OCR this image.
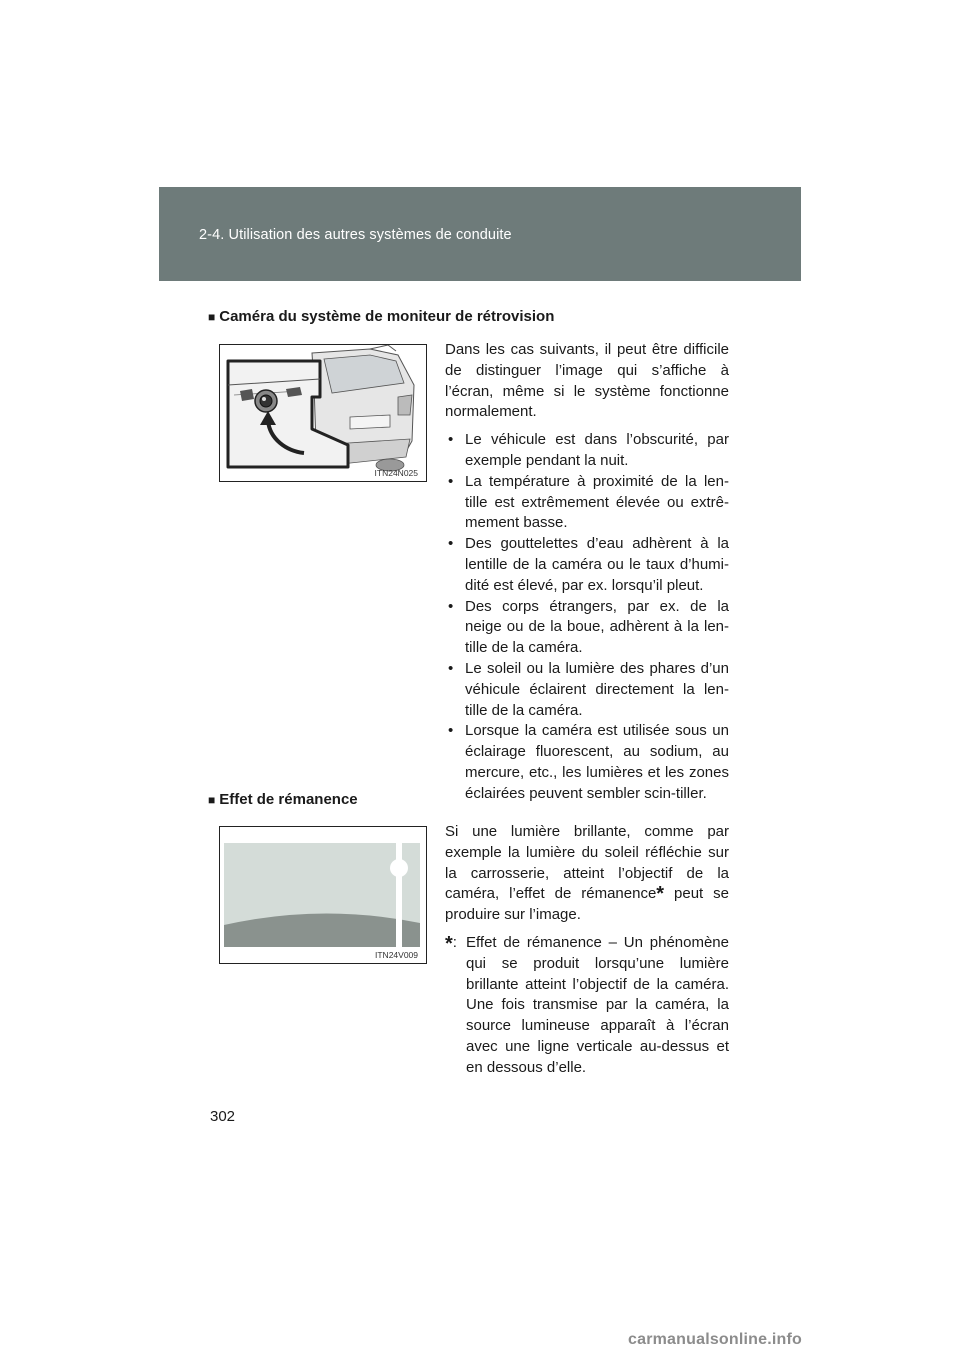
2-4. Utilisation des autres systèmes de conduite
■ Caméra du système de moniteur de rétrovision
ITN24N025

Dans les cas suivants, il peut être difficile de distinguer l’image qui s’affiche à l’écran, même si le système fonctionne normalement.

• Le véhicule est dans l’obscurité, par exemple pendant la nuit.
• La température à proximité de la len-tille est extrêmement élevée ou extrê-mement basse.
• Des gouttelettes d’eau adhèrent à la lentille de la caméra ou le taux d’humi-dité est élevé, par ex. lorsqu’il pleut.
• Des corps étrangers, par ex. de la neige ou de la boue, adhèrent à la len-tille de la caméra.
• Le soleil ou la lumière des phares d’un véhicule éclairent directement la len-tille de la caméra.
• Lorsque la caméra est utilisée sous un éclairage fluorescent, au sodium, au mercure, etc., les lumières et les zones éclairées peuvent sembler scin-tiller.
■ Effet de rémanence
ITN24V009

Si une lumière brillante, comme par exemple la lumière du soleil réfléchie sur la carrosserie, atteint l’objectif de la caméra, l’effet de rémanence* peut se produire sur l’image.

*: Effet de rémanence – Un phénomène qui se produit lorsqu’une lumière brillante atteint l’objectif de la caméra. Une fois transmise par la caméra, la source lumineuse apparaît à l’écran avec une ligne verticale au-dessus et en dessous d’elle.
302
carmanualsonline.info
